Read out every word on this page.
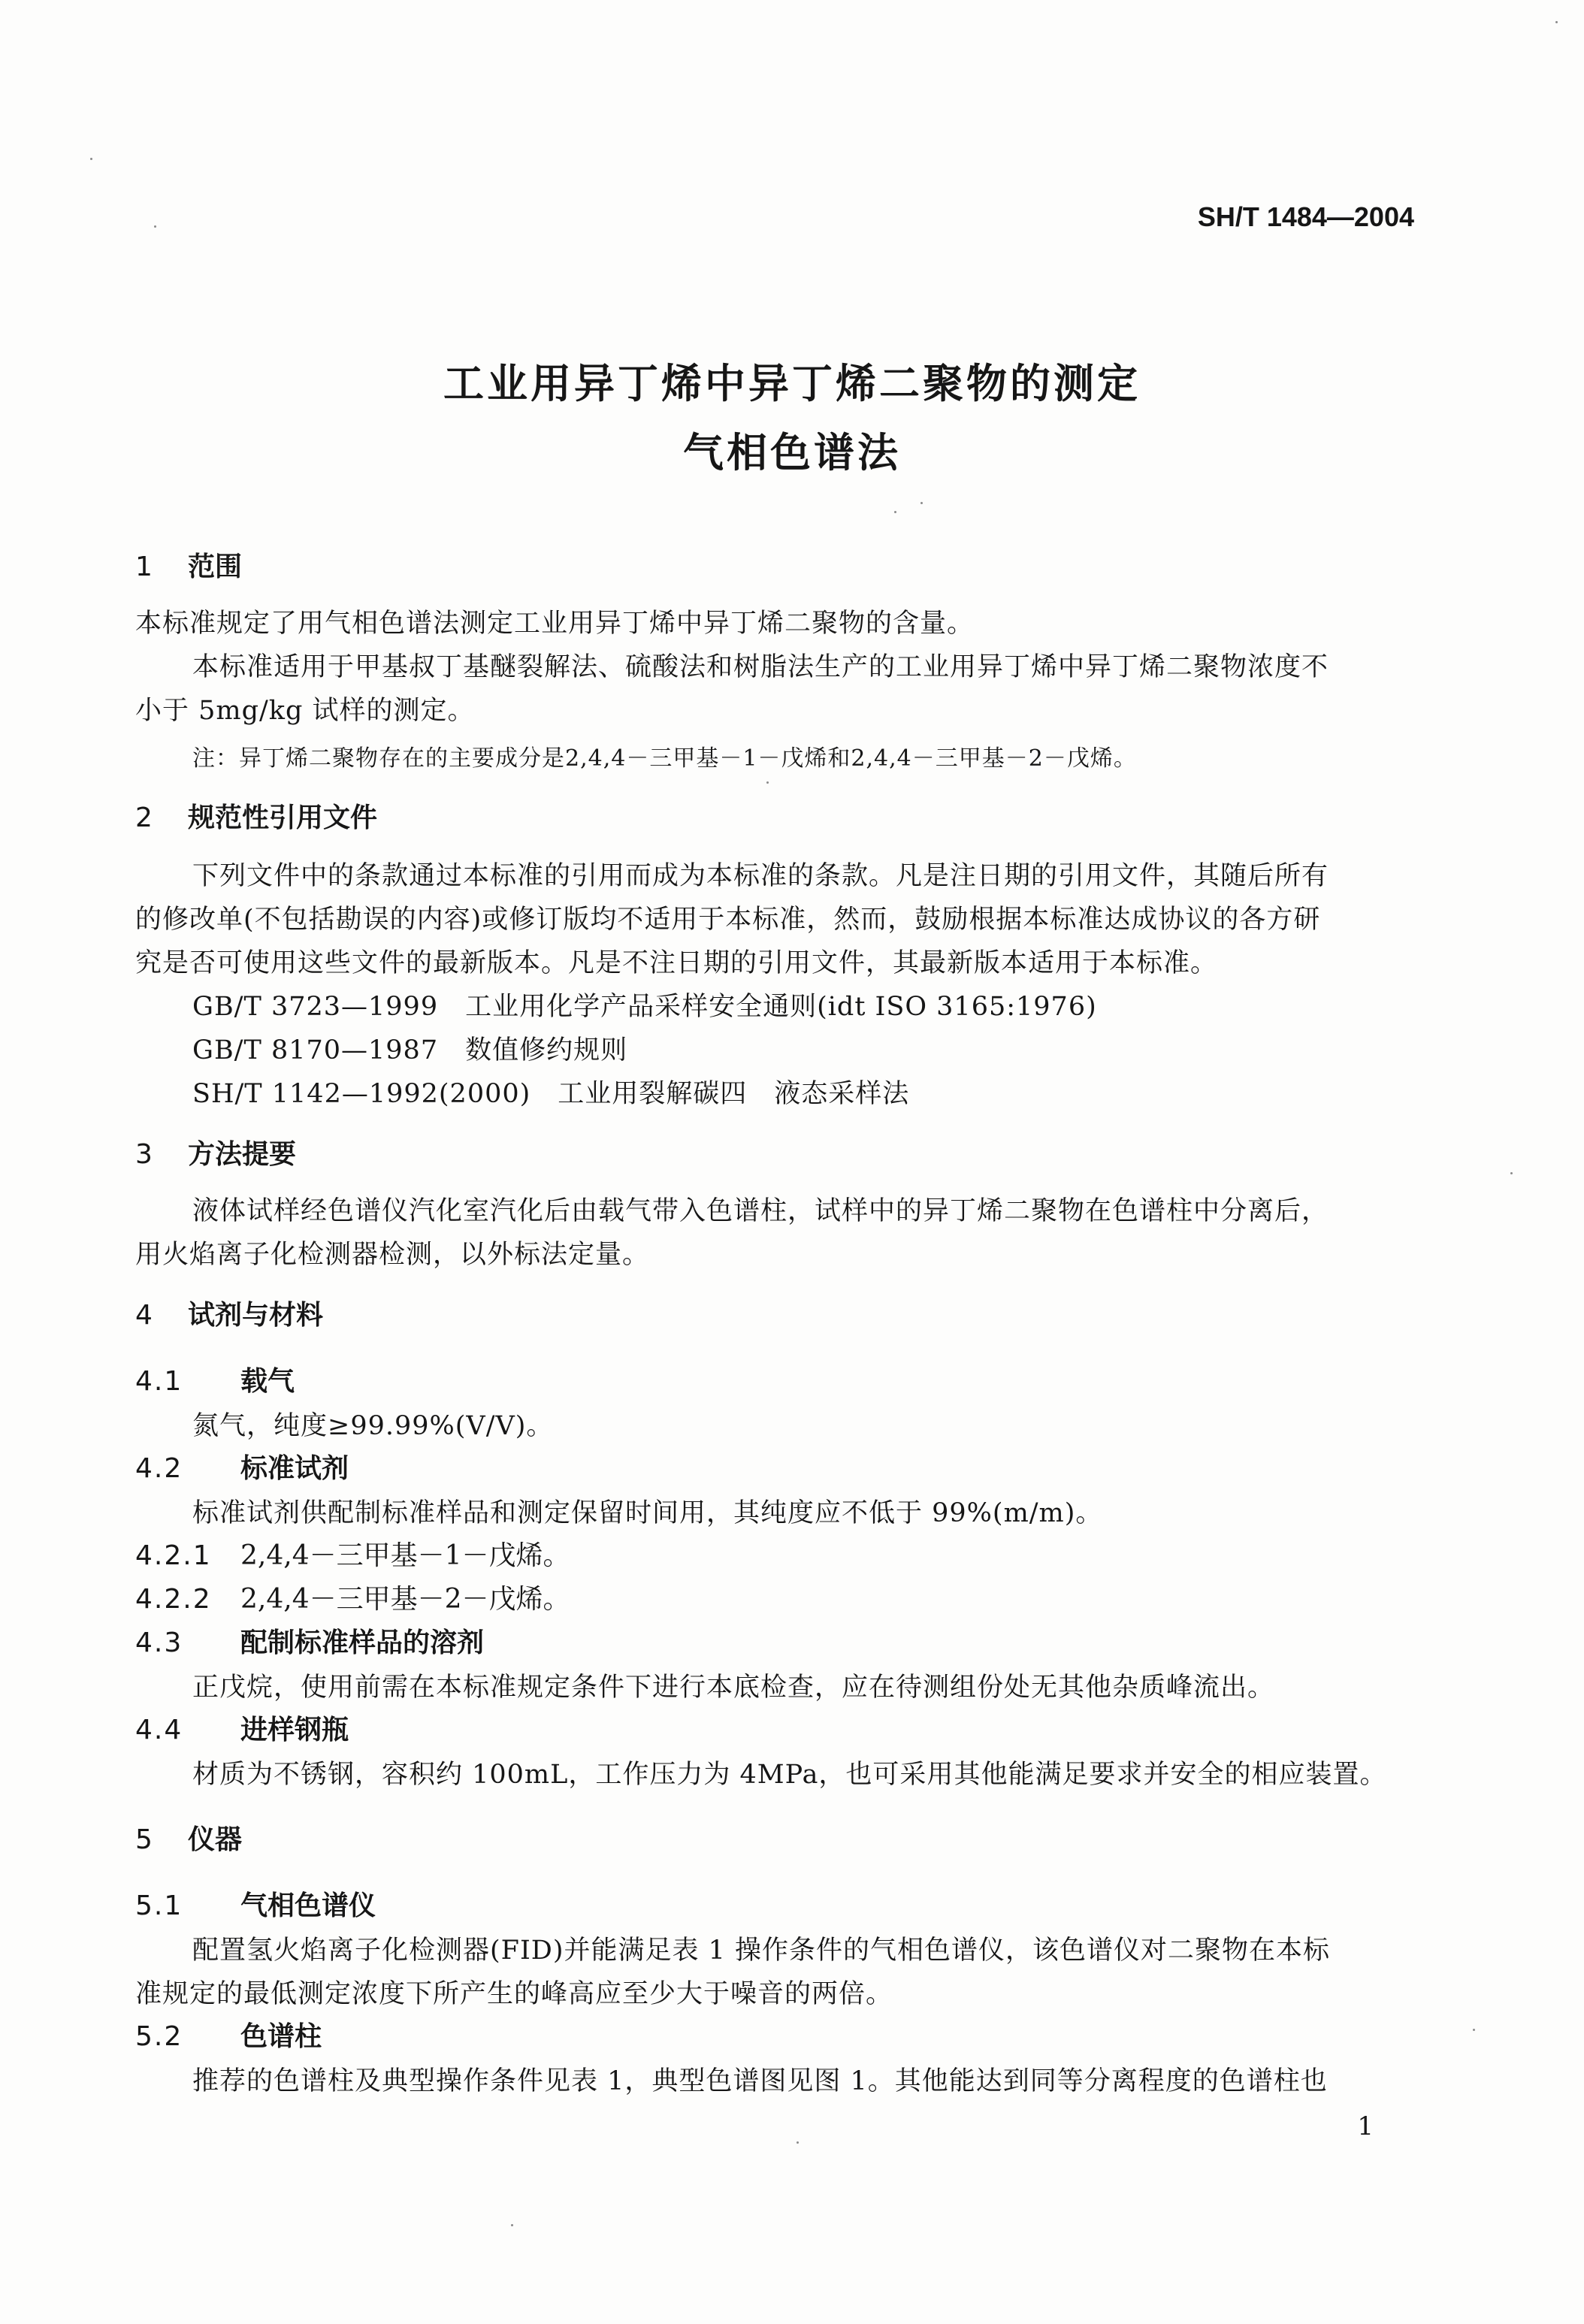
SH/T 1484—2004
工业用异丁烯中异丁烯二聚物的测定
气相色谱法
1 范围
本标准规定了用气相色谱法测定工业用异丁烯中异丁烯二聚物的含量。
本标准适用于甲基叔丁基醚裂解法、硫酸法和树脂法生产的工业用异丁烯中异丁烯二聚物浓度不
小于 5mg/kg 试样的测定。
注：异丁烯二聚物存在的主要成分是2,4,4－三甲基－1－戊烯和2,4,4－三甲基－2－戊烯。
2 规范性引用文件
下列文件中的条款通过本标准的引用而成为本标准的条款。凡是注日期的引用文件，其随后所有
的修改单(不包括勘误的内容)或修订版均不适用于本标准，然而，鼓励根据本标准达成协议的各方研
究是否可使用这些文件的最新版本。凡是不注日期的引用文件，其最新版本适用于本标准。
GB/T 3723—1999　工业用化学产品采样安全通则(idt ISO 3165:1976)
GB/T 8170—1987　数值修约规则
SH/T 1142—1992(2000)　工业用裂解碳四　液态采样法
3 方法提要
液体试样经色谱仪汽化室汽化后由载气带入色谱柱，试样中的异丁烯二聚物在色谱柱中分离后，
用火焰离子化检测器检测，以外标法定量。
4 试剂与材料
4.1 载气
氮气，纯度≥99.99%(V/V)。
4.2 标准试剂
标准试剂供配制标准样品和测定保留时间用，其纯度应不低于 99%(m/m)。
4.2.1 2,4,4－三甲基－1－戊烯。
4.2.2 2,4,4－三甲基－2－戊烯。
4.3 配制标准样品的溶剂
正戊烷，使用前需在本标准规定条件下进行本底检查，应在待测组份处无其他杂质峰流出。
4.4 进样钢瓶
材质为不锈钢，容积约 100mL，工作压力为 4MPa，也可采用其他能满足要求并安全的相应装置。
5 仪器
5.1 气相色谱仪
配置氢火焰离子化检测器(FID)并能满足表 1 操作条件的气相色谱仪，该色谱仪对二聚物在本标
准规定的最低测定浓度下所产生的峰高应至少大于噪音的两倍。
5.2 色谱柱
推荐的色谱柱及典型操作条件见表 1，典型色谱图见图 1。其他能达到同等分离程度的色谱柱也
1
